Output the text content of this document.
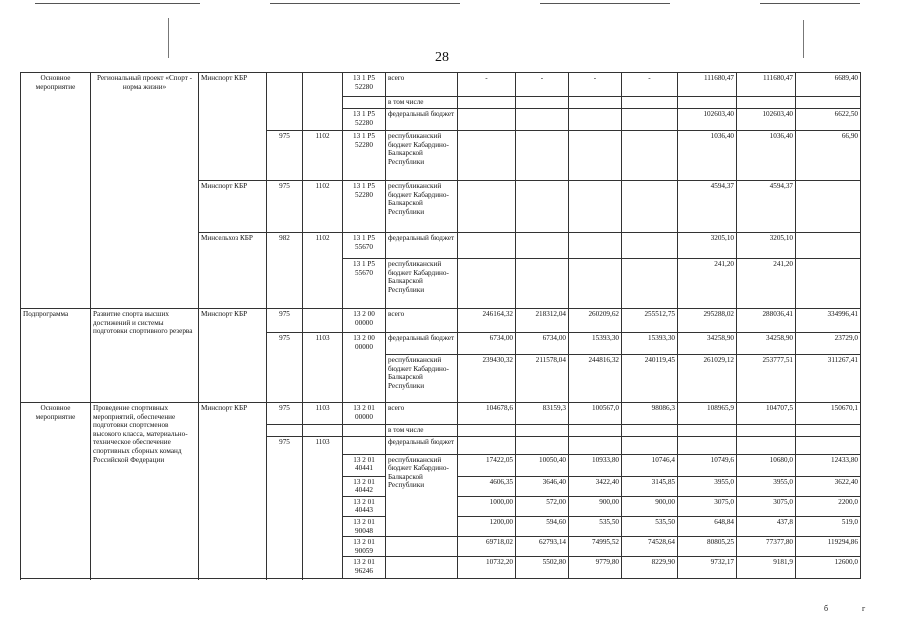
28
Основное мероприятие	Региональный проект «Спорт - норма жизни»	Минспорт КБР			13 1 P5 52280	всего	-	-	-	-	111680,47	111680,47	6689,40
						в том числе							
					13 1 P5 52280	федеральный бюджет					102603,40	102603,40	6622,50
			975	1102	13 1 P5 52280	республиканский бюджет Кабардино-Балкарской Республики					1036,40	1036,40	66,90

		Минспорт КБР	975	1102	13 1 P5 52280	республиканский бюджет Кабардино-Балкарской Республики					4594,37	4594,37	
		Минсельхоз КБР	982	1102	13 1 P5 55670	федеральный бюджет					3205,10	3205,10	
					13 1 P5 55670	республиканский бюджет Кабардино-Балкарской Республики					241,20	241,20	

Подпрограмма	Развитие спорта высших достижений и системы подготовки спортивного резерва	Минспорт КБР	975		13 2 00 00000	всего	246164,32	218312,04	260209,62	255512,75	295288,02	288036,41	334996,41
			975	1103	13 2 00 00000	федеральный бюджет	6734,00	6734,00	15393,30	15393,30	34258,90	34258,90	23729,0
						республиканский бюджет Кабардино-Балкарской Республики	239430,32	211578,04	244816,32	240119,45	261029,12	253777,51	311267,41
Основное мероприятие	Проведение спортивных мероприятий, обеспечение подготовки спортсменов высокого класса, материально-техническое обеспечение спортивных сборных команд Российской Федерации	Минспорт КБР	975	1103	13 2 01 00000	всего	104678,6	83159,3	100567,0	98086,3	108965,9	104707,5	150670,1
						в том числе							
			975	1103		федеральный бюджет							
					13 2 01 40441	республиканский бюджет Кабардино-Балкарской Республики	17422,05	10050,40	10933,80	10746,4	10749,6	10680,0	12433,80
					13 2 01 40442		4606,35	3646,40	3422,40	3145,85	3955,0	3955,0	3622,40
					13 2 01 40443		1000,00	572,00	900,00	900,00	3075,0	3075,0	2200,0
					13 2 01 90048		1200,00	594,60	535,50	535,50	648,84	437,8	519,0
					13 2 01 90059		69718,02	62793,14	74995,52	74528,64	80805,25	77377,80	119294,86
					13 2 01 96246		10732,20	5502,80	9779,80	8229,90	9732,17	9181,9	12600,0

б	г
